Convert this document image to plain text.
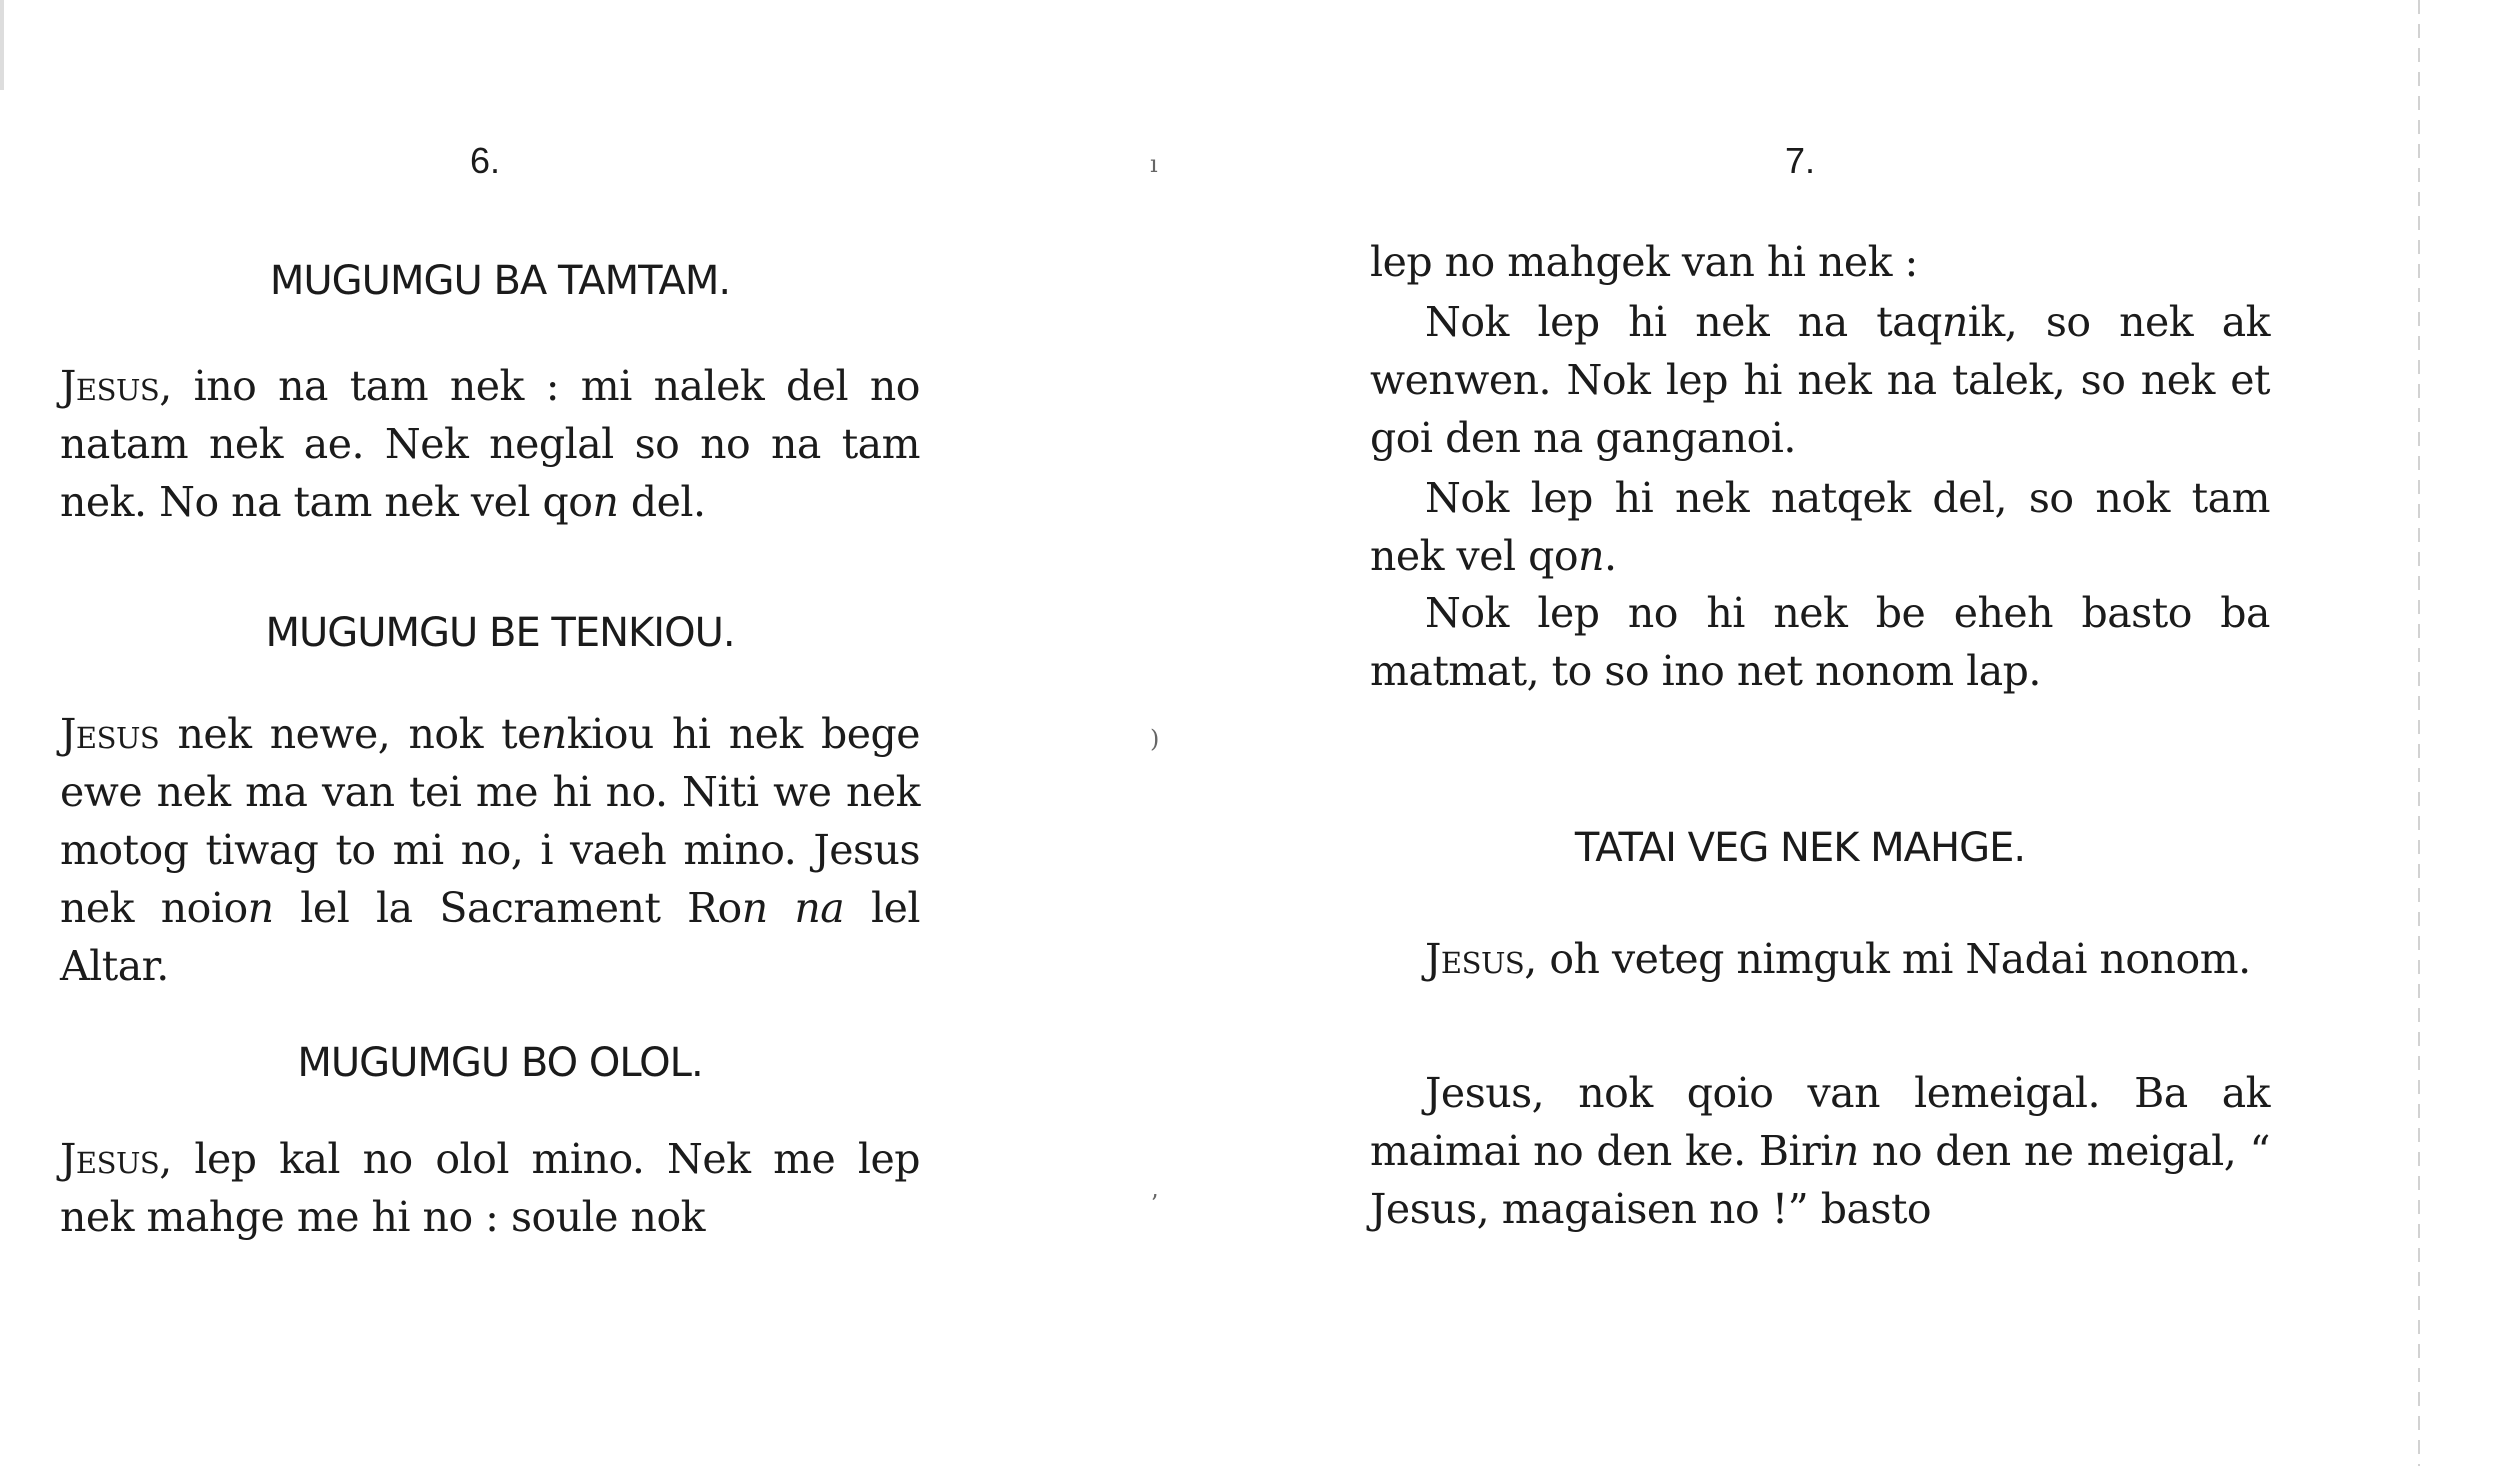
6.
MUGUMGU BA TAMTAM.
Jesus, ino na tam nek : mi nalek del no natam nek ae. Nek neglal so no na tam nek. No na tam nek vel qon del.
MUGUMGU BE TENKIOU.
Jesus nek newe, nok tenkiou hi nek bege ewe nek ma van tei me hi no. Niti we nek motog tiwag to mi no, i vaeh mino. Jesus nek noion lel la Sacrament Ron na lel Altar.
MUGUMGU BO OLOL.
Jesus, lep kal no olol mino. Nek me lep nek mahge me hi no : soule nok
ı
)
ʼ
7.
lep no mahgek van hi nek :
Nok lep hi nek na taqnik, so nek ak wenwen. Nok lep hi nek na talek, so nek et goi den na ganganoi.
Nok lep hi nek natqek del, so nok tam nek vel qon.
Nok lep no hi nek be eheh basto ba matmat, to so ino net nonom lap.
TATAI VEG NEK MAHGE.
Jesus, oh veteg nimguk mi Nadai nonom.
Jesus, nok qoio van lemeigal. Ba ak maimai no den ke. Birin no den ne meigal, “ Jesus, magaisen no !” basto
